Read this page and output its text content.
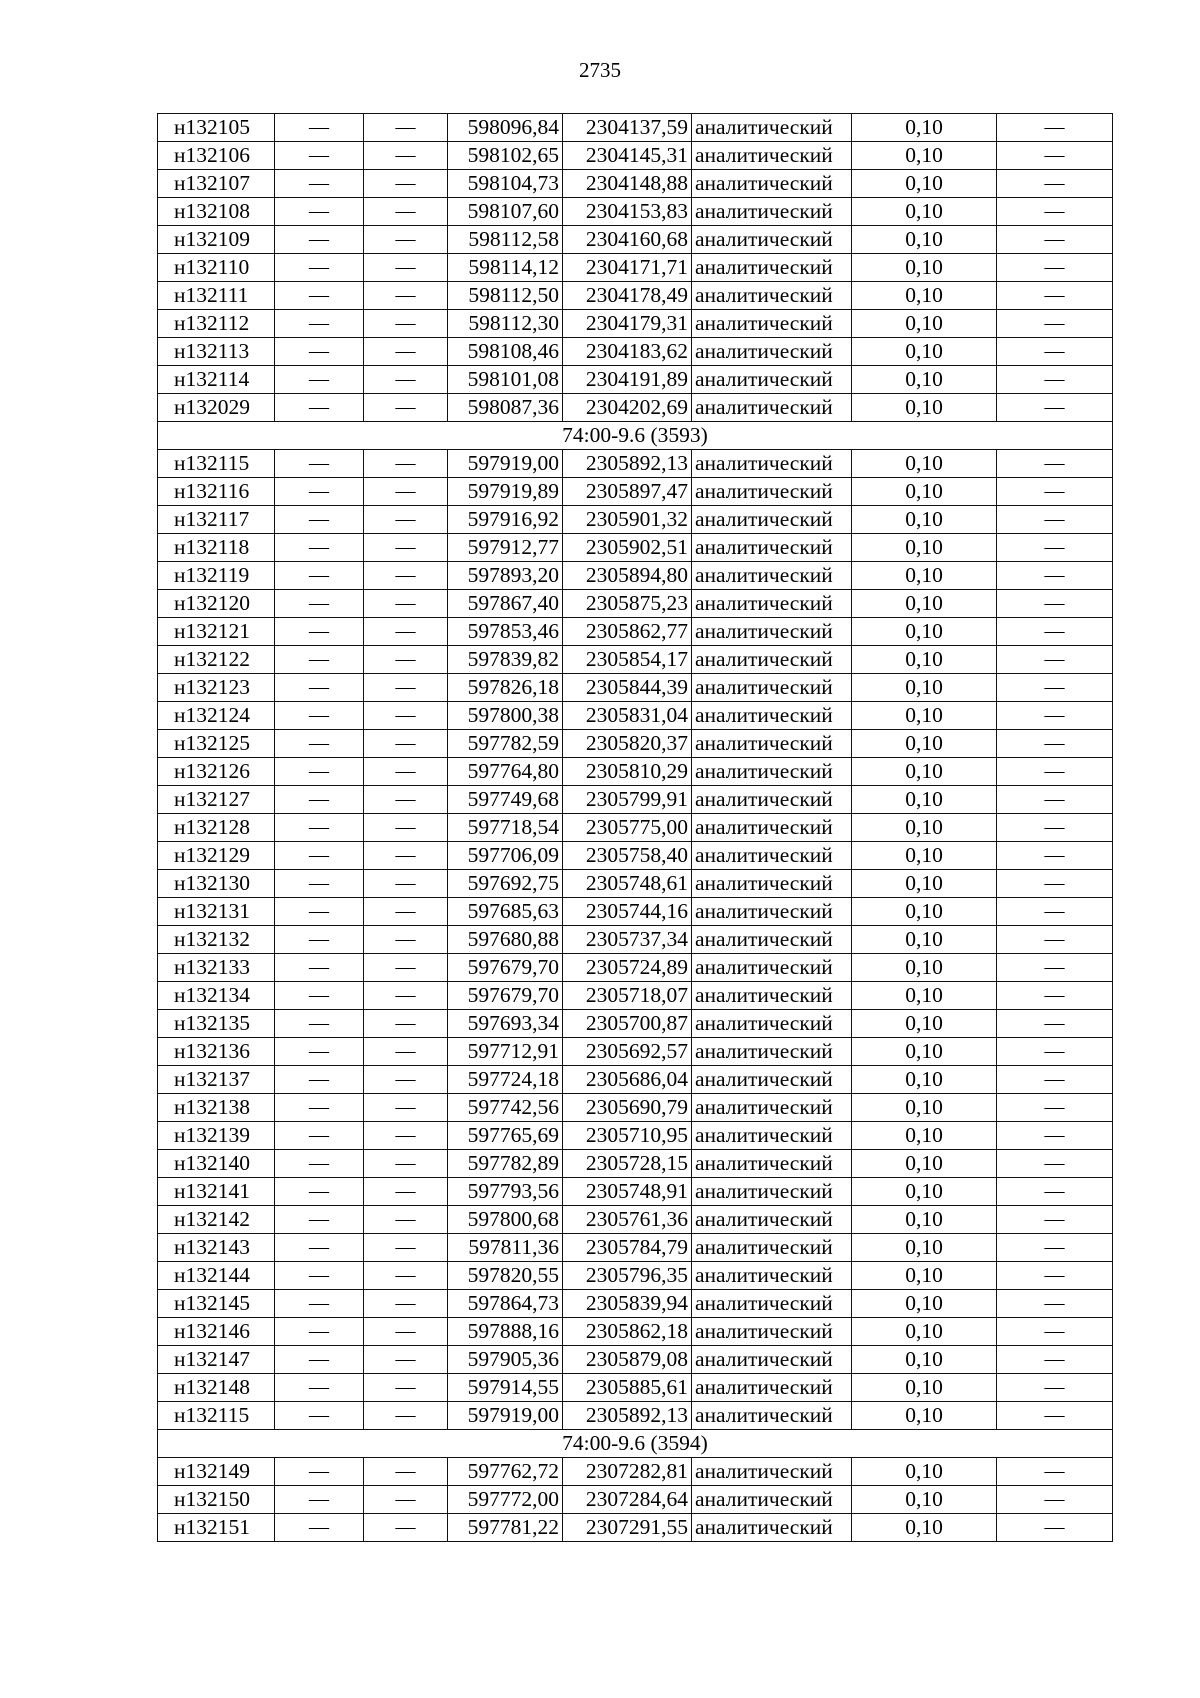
2735
н132105	—	—	598096,84	2304137,59	аналитический	0,10	—
н132106	—	—	598102,65	2304145,31	аналитический	0,10	—
н132107	—	—	598104,73	2304148,88	аналитический	0,10	—
н132108	—	—	598107,60	2304153,83	аналитический	0,10	—
н132109	—	—	598112,58	2304160,68	аналитический	0,10	—
н132110	—	—	598114,12	2304171,71	аналитический	0,10	—
н132111	—	—	598112,50	2304178,49	аналитический	0,10	—
н132112	—	—	598112,30	2304179,31	аналитический	0,10	—
н132113	—	—	598108,46	2304183,62	аналитический	0,10	—
н132114	—	—	598101,08	2304191,89	аналитический	0,10	—
н132029	—	—	598087,36	2304202,69	аналитический	0,10	—
74:00-9.6 (3593)							
н132115	—	—	597919,00	2305892,13	аналитический	0,10	—
н132116	—	—	597919,89	2305897,47	аналитический	0,10	—
н132117	—	—	597916,92	2305901,32	аналитический	0,10	—
н132118	—	—	597912,77	2305902,51	аналитический	0,10	—
н132119	—	—	597893,20	2305894,80	аналитический	0,10	—
н132120	—	—	597867,40	2305875,23	аналитический	0,10	—
н132121	—	—	597853,46	2305862,77	аналитический	0,10	—
н132122	—	—	597839,82	2305854,17	аналитический	0,10	—
н132123	—	—	597826,18	2305844,39	аналитический	0,10	—
н132124	—	—	597800,38	2305831,04	аналитический	0,10	—
н132125	—	—	597782,59	2305820,37	аналитический	0,10	—
н132126	—	—	597764,80	2305810,29	аналитический	0,10	—
н132127	—	—	597749,68	2305799,91	аналитический	0,10	—
н132128	—	—	597718,54	2305775,00	аналитический	0,10	—
н132129	—	—	597706,09	2305758,40	аналитический	0,10	—
н132130	—	—	597692,75	2305748,61	аналитический	0,10	—
н132131	—	—	597685,63	2305744,16	аналитический	0,10	—
н132132	—	—	597680,88	2305737,34	аналитический	0,10	—
н132133	—	—	597679,70	2305724,89	аналитический	0,10	—
н132134	—	—	597679,70	2305718,07	аналитический	0,10	—
н132135	—	—	597693,34	2305700,87	аналитический	0,10	—
н132136	—	—	597712,91	2305692,57	аналитический	0,10	—
н132137	—	—	597724,18	2305686,04	аналитический	0,10	—
н132138	—	—	597742,56	2305690,79	аналитический	0,10	—
н132139	—	—	597765,69	2305710,95	аналитический	0,10	—
н132140	—	—	597782,89	2305728,15	аналитический	0,10	—
н132141	—	—	597793,56	2305748,91	аналитический	0,10	—
н132142	—	—	597800,68	2305761,36	аналитический	0,10	—
н132143	—	—	597811,36	2305784,79	аналитический	0,10	—
н132144	—	—	597820,55	2305796,35	аналитический	0,10	—
н132145	—	—	597864,73	2305839,94	аналитический	0,10	—
н132146	—	—	597888,16	2305862,18	аналитический	0,10	—
н132147	—	—	597905,36	2305879,08	аналитический	0,10	—
н132148	—	—	597914,55	2305885,61	аналитический	0,10	—
н132115	—	—	597919,00	2305892,13	аналитический	0,10	—
74:00-9.6 (3594)							
н132149	—	—	597762,72	2307282,81	аналитический	0,10	—
н132150	—	—	597772,00	2307284,64	аналитический	0,10	—
н132151	—	—	597781,22	2307291,55	аналитический	0,10	—
